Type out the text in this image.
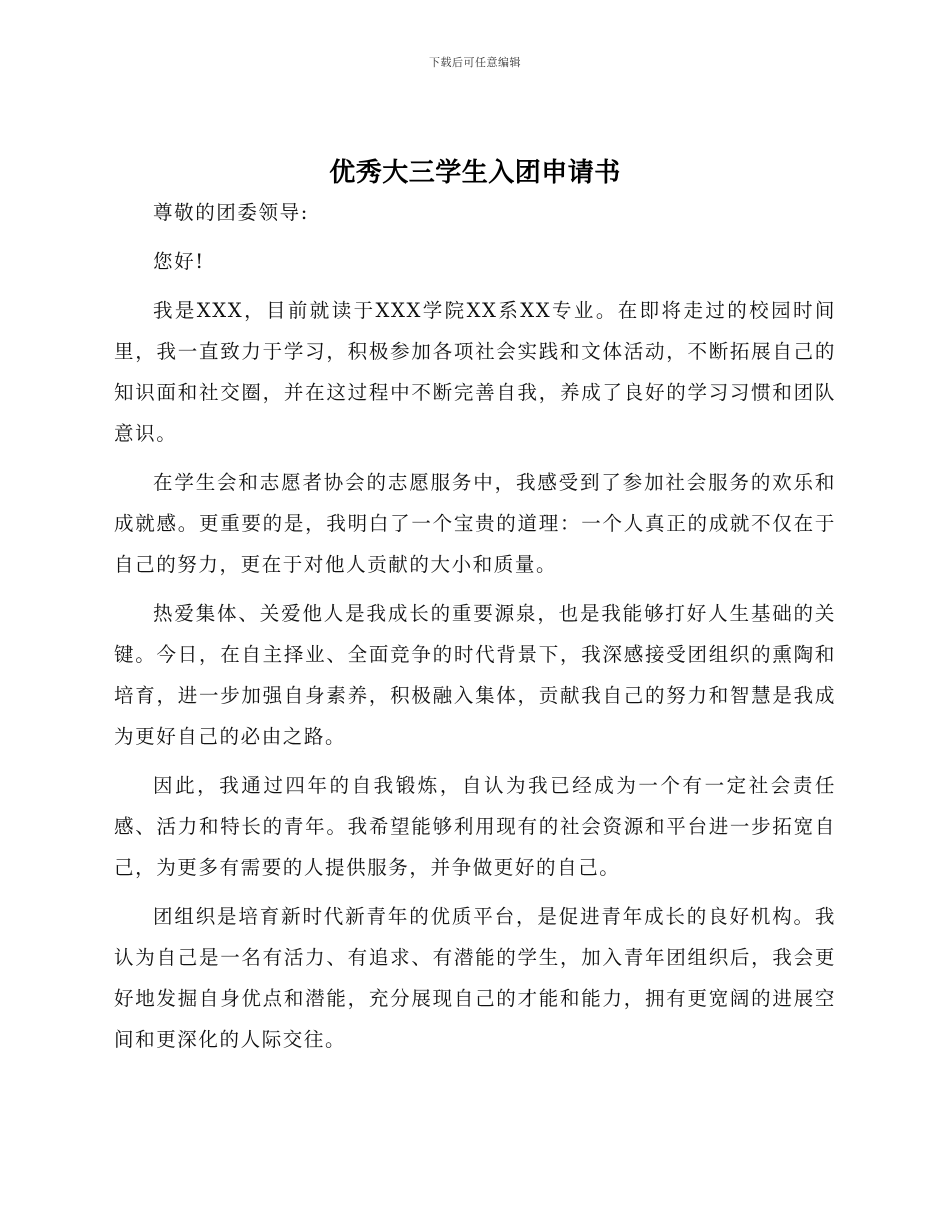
下载后可任意编辑
优秀大三学生入团申请书

尊敬的团委领导:

您好!

我是XXX，目前就读于XXX学院XX系XX专业。在即将走过的校园时间里，我一直致力于学习，积极参加各项社会实践和文体活动，不断拓展自己的知识面和社交圈，并在这过程中不断完善自我，养成了良好的学习习惯和团队意识。

在学生会和志愿者协会的志愿服务中，我感受到了参加社会服务的欢乐和成就感。更重要的是，我明白了一个宝贵的道理：一个人真正的成就不仅在于自己的努力，更在于对他人贡献的大小和质量。

热爱集体、关爱他人是我成长的重要源泉，也是我能够打好人生基础的关键。今日，在自主择业、全面竞争的时代背景下，我深感接受团组织的熏陶和培育，进一步加强自身素养，积极融入集体，贡献我自己的努力和智慧是我成为更好自己的必由之路。

因此，我通过四年的自我锻炼，自认为我已经成为一个有一定社会责任感、活力和特长的青年。我希望能够利用现有的社会资源和平台进一步拓宽自己，为更多有需要的人提供服务，并争做更好的自己。

团组织是培育新时代新青年的优质平台，是促进青年成长的良好机构。我认为自己是一名有活力、有追求、有潜能的学生，加入青年团组织后，我会更好地发掘自身优点和潜能，充分展现自己的才能和能力，拥有更宽阔的进展空间和更深化的人际交往。
